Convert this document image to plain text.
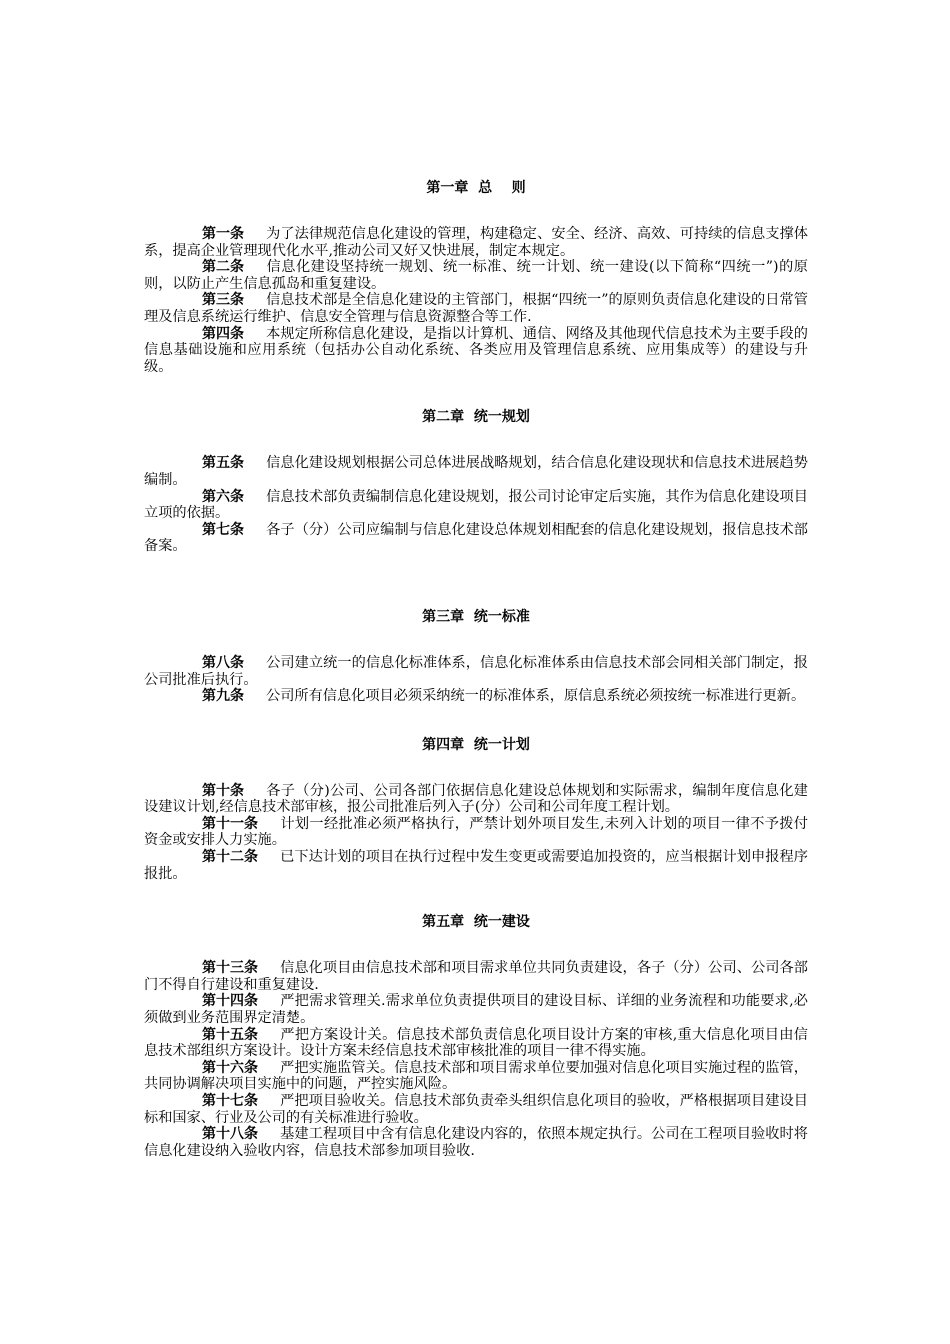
第一章  总    则
第一条 为了法律规范信息化建设的管理，构建稳定、安全、经济、高效、可持续的信息支撑体系，提高企业管理现代化水平,推动公司又好又快进展，制定本规定。
第二条 信息化建设坚持统一规划、统一标准、统一计划、统一建设(以下简称“四统一”)的原则，以防止产生信息孤岛和重复建设。
第三条 信息技术部是全信息化建设的主管部门，根据“四统一”的原则负责信息化建设的日常管理及信息系统运行维护、信息安全管理与信息资源整合等工作.
第四条 本规定所称信息化建设，是指以计算机、通信、网络及其他现代信息技术为主要手段的信息基础设施和应用系统（包括办公自动化系统、各类应用及管理信息系统、应用集成等）的建设与升级。
第二章  统一规划
第五条 信息化建设规划根据公司总体进展战略规划，结合信息化建设现状和信息技术进展趋势编制。
第六条 信息技术部负责编制信息化建设规划，报公司讨论审定后实施，其作为信息化建设项目立项的依据。
第七条 各子（分）公司应编制与信息化建设总体规划相配套的信息化建设规划，报信息技术部备案。
第三章  统一标准
第八条 公司建立统一的信息化标准体系，信息化标准体系由信息技术部会同相关部门制定，报公司批准后执行。
第九条 公司所有信息化项目必须采纳统一的标准体系，原信息系统必须按统一标准进行更新。
第四章  统一计划
第十条 各子（分)公司、公司各部门依据信息化建设总体规划和实际需求，编制年度信息化建设建议计划,经信息技术部审核，报公司批准后列入子(分）公司和公司年度工程计划。
第十一条 计划一经批准必须严格执行，严禁计划外项目发生,未列入计划的项目一律不予拨付资金或安排人力实施。
第十二条 已下达计划的项目在执行过程中发生变更或需要追加投资的，应当根据计划申报程序报批。
第五章  统一建设
第十三条 信息化项目由信息技术部和项目需求单位共同负责建设，各子（分）公司、公司各部门不得自行建设和重复建设.
第十四条 严把需求管理关.需求单位负责提供项目的建设目标、详细的业务流程和功能要求,必须做到业务范围界定清楚。
第十五条 严把方案设计关。信息技术部负责信息化项目设计方案的审核,重大信息化项目由信息技术部组织方案设计。设计方案未经信息技术部审核批准的项目一律不得实施。
第十六条 严把实施监管关。信息技术部和项目需求单位要加强对信息化项目实施过程的监管，共同协调解决项目实施中的问题，严控实施风险。
第十七条 严把项目验收关。信息技术部负责牵头组织信息化项目的验收，严格根据项目建设目标和国家、行业及公司的有关标准进行验收。
第十八条 基建工程项目中含有信息化建设内容的，依照本规定执行。公司在工程项目验收时将信息化建设纳入验收内容，信息技术部参加项目验收.
